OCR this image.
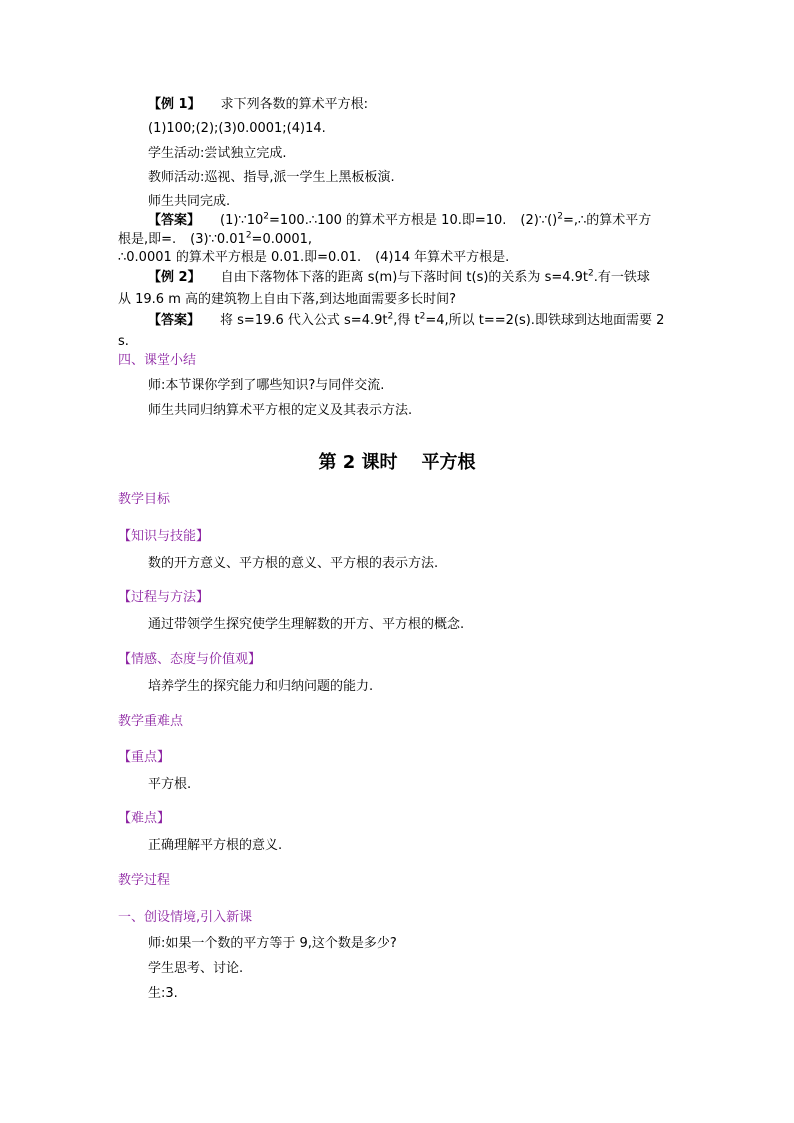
【例 1】 求下列各数的算术平方根:
(1)100;(2);(3)0.0001;(4)14.
学生活动:尝试独立完成.
教师活动:巡视、指导,派一学生上黑板板演.
师生共同完成.
【答案】 $(1)\because 10^2=100.\therefore 100$ 的算术平方根是 10.即=10. (2)∵()$^2$=,∴的算术平方
根是,即=. $(3)\because 0.01^2=0.0001$,
∴0.0001 的算术平方根是 0.01.即=0.01. (4)14 年算术平方根是.
【例 2】 自由下落物体下落的距离 s(m)与下落时间 t(s)的关系为 $s=4.9t^2$.有一铁球
从 19.6 m 高的建筑物上自由下落,到达地面需要多长时间?
【答案】 将 s=19.6 代入公式 $s=4.9t^2$,得 $t^2=4$,所以 t==2(s).即铁球到达地面需要 2
s.
四、课堂小结
师:本节课你学到了哪些知识?与同伴交流.
师生共同归纳算术平方根的定义及其表示方法.
第 2 课时 平方根
教学目标
【知识与技能】
数的开方意义、平方根的意义、平方根的表示方法.
【过程与方法】
通过带领学生探究使学生理解数的开方、平方根的概念.
【情感、态度与价值观】
培养学生的探究能力和归纳问题的能力.
教学重难点
【重点】
平方根.
【难点】
正确理解平方根的意义.
教学过程
一、创设情境,引入新课
师:如果一个数的平方等于 9,这个数是多少?
学生思考、讨论.
生:3.
